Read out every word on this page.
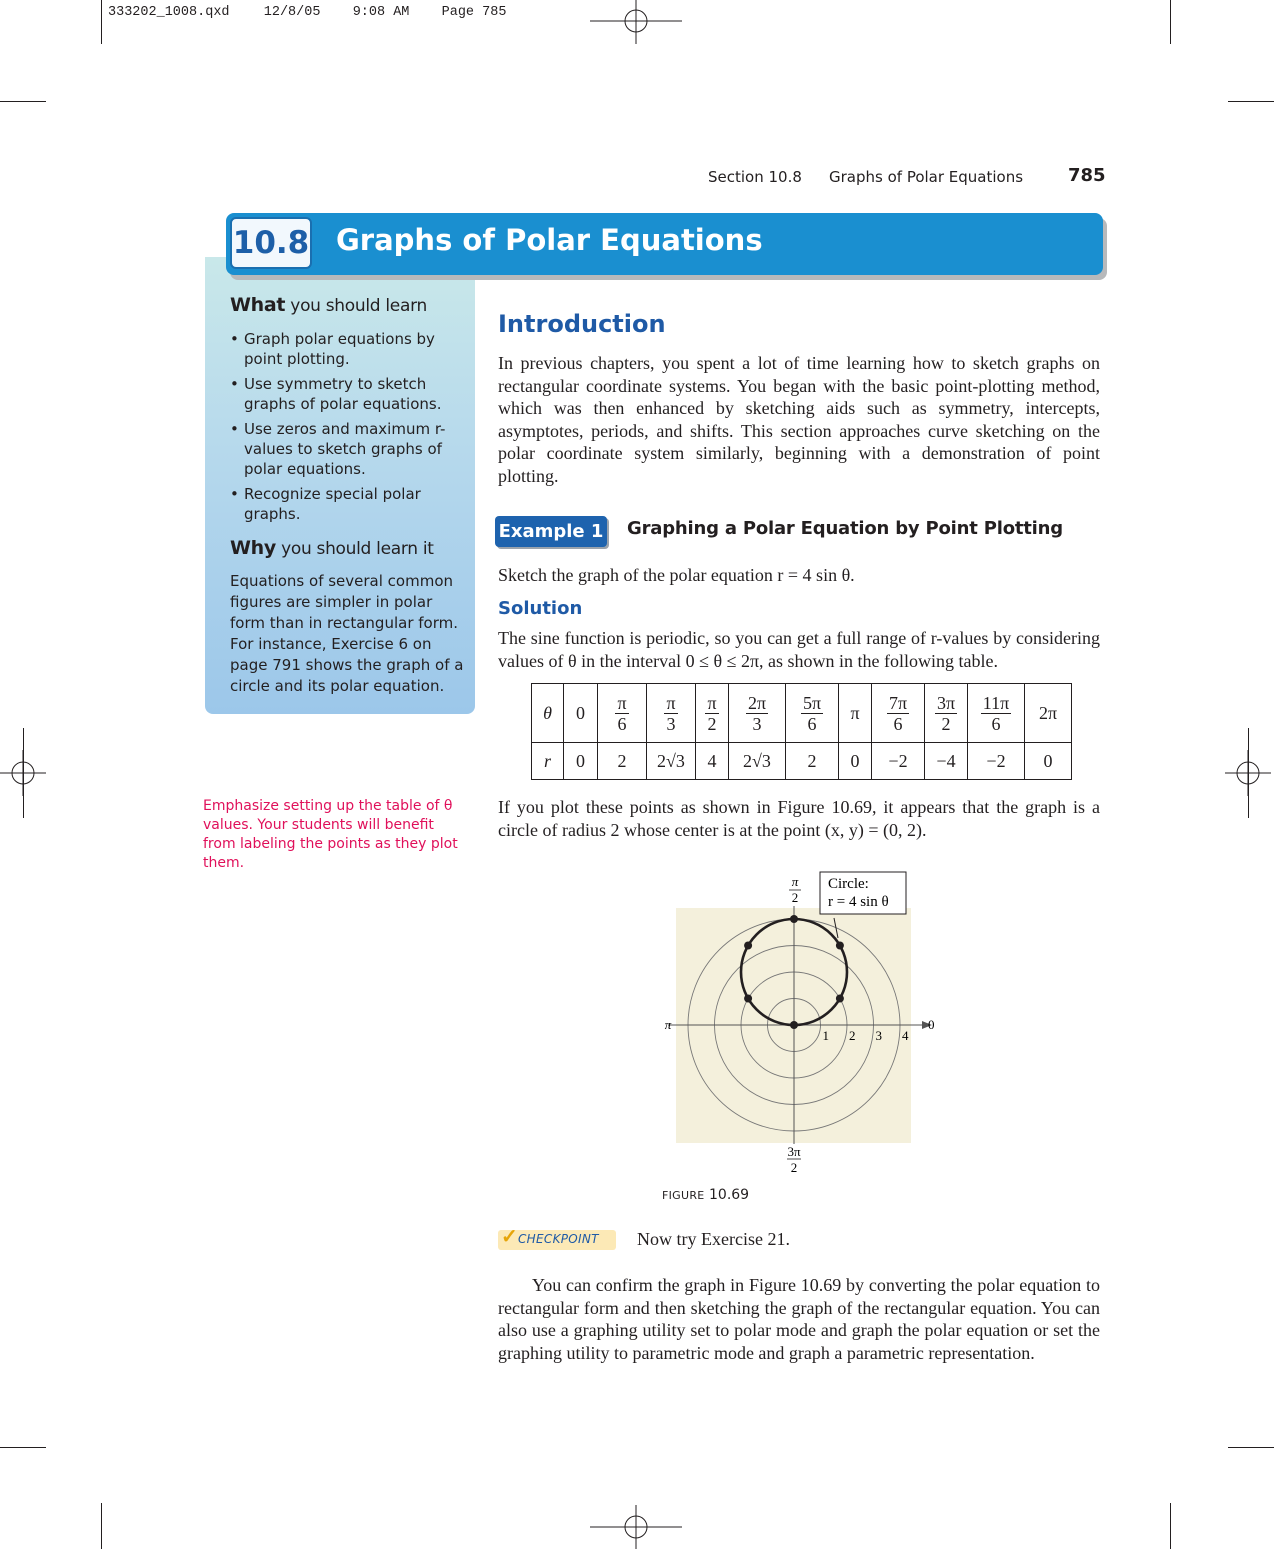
333202_1008.qxd	12/8/05 9:08 AM Page 785
Section 10.8 Graphs of Polar Equations 785
What you should learn
• Graph polar equations by point plotting.
• Use symmetry to sketch graphs of polar equations.
• Use zeros and maximum r-values to sketch graphs of polar equations.
• Recognize special polar graphs.
Why you should learn it
Equations of several common figures are simpler in polar form than in rectangular form. For instance, Exercise 6 on page 791 shows the graph of a circle and its polar equation.
10.8 Graphs of Polar Equations
Emphasize setting up the table of θ values. Your students will benefit from labeling the points as they plot them.
Introduction
In previous chapters, you spent a lot of time learning how to sketch graphs on rectangular coordinate systems. You began with the basic point-plotting method, which was then enhanced by sketching aids such as symmetry, intercepts, asymptotes, periods, and shifts. This section approaches curve sketching on the polar coordinate system similarly, beginning with a demonstration of point plotting.
Example 1 Graphing a Polar Equation by Point Plotting
Sketch the graph of the polar equation r = 4 sin θ.
Solution
The sine function is periodic, so you can get a full range of r-values by considering values of θ in the interval 0 ≤ θ ≤ 2π, as shown in the following table.
θ	0	$\frac{\pi}{6}$	$\frac{\pi}{3}$	$\frac{\pi}{2}$	$\frac{2\pi}{3}$	$\frac{5\pi}{6}$	π	$\frac{7\pi}{6}$	$\frac{3\pi}{2}$	$\frac{11\pi}{6}$	2π
r	0	2	2√3	4	2√3	2	0	−2	−4	−2	0
If you plot these points as shown in Figure 10.69, it appears that the graph is a circle of radius 2 whose center is at the point (x, y) = (0, 2).
1 2 3 4
π
2
π	0
3π
2
Circle:
r = 4 sin θ
FIGURE 10.69
✓ CHECKPOINT Now try Exercise 21.
You can confirm the graph in Figure 10.69 by converting the polar equation to rectangular form and then sketching the graph of the rectangular equation. You can also use a graphing utility set to polar mode and graph the polar equation or set the graphing utility to parametric mode and graph a parametric representation.
